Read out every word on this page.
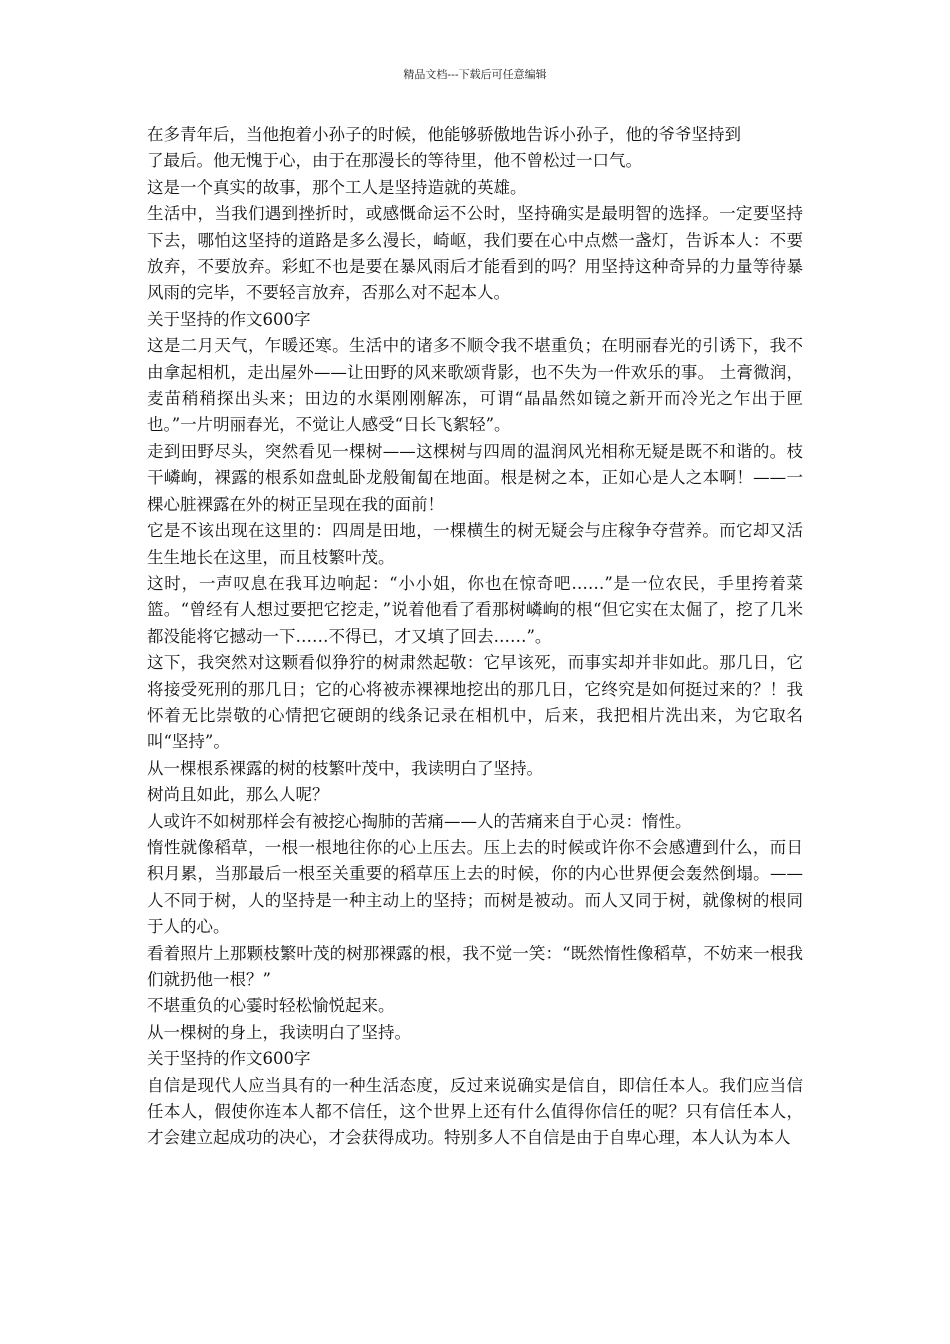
精品文档---下载后可任意编辑

在多青年后，当他抱着小孙子的时候，他能够骄傲地告诉小孙子，他的爷爷坚持到

了最后。他无愧于心，由于在那漫长的等待里，他不曾松过一口气。

这是一个真实的故事，那个工人是坚持造就的英雄。

生活中，当我们遇到挫折时，或感慨命运不公时，坚持确实是最明智的选择。一定要坚持下去，哪怕这坚持的道路是多么漫长，崎岖，我们要在心中点燃一盏灯，告诉本人：不要放弃，不要放弃。彩虹不也是要在暴风雨后才能看到的吗？用坚持这种奇异的力量等待暴风雨的完毕，不要轻言放弃，否那么对不起本人。

关于坚持的作文600字

这是二月天气，乍暖还寒。生活中的诸多不顺令我不堪重负；在明丽春光的引诱下，我不由拿起相机，走出屋外——让田野的风来歌颂背影，也不失为一件欢乐的事。 土膏微润，麦苗稍稍探出头来；田边的水渠刚刚解冻，可谓“晶晶然如镜之新开而冷光之乍出于匣也。”一片明丽春光，不觉让人感受“日长飞絮轻”。

走到田野尽头，突然看见一棵树——这棵树与四周的温润风光相称无疑是既不和谐的。枝干嶙峋，裸露的根系如盘虬卧龙般匍匐在地面。根是树之本，正如心是人之本啊！——一棵心脏裸露在外的树正呈现在我的面前！

它是不该出现在这里的：四周是田地，一棵横生的树无疑会与庄稼争夺营养。而它却又活生生地长在这里，而且枝繁叶茂。

这时，一声叹息在我耳边响起：“小小姐，你也在惊奇吧……”是一位农民，手里挎着菜篮。“曾经有人想过要把它挖走，”说着他看了看那树嶙峋的根“但它实在太倔了，挖了几米都没能将它撼动一下……不得已，才又填了回去……”。

这下，我突然对这颗看似狰狞的树肃然起敬：它早该死，而事实却并非如此。那几日，它将接受死刑的那几日；它的心将被赤裸裸地挖出的那几日，它终究是如何挺过来的？！我怀着无比崇敬的心情把它硬朗的线条记录在相机中，后来，我把相片洗出来，为它取名叫“坚持”。

从一棵根系裸露的树的枝繁叶茂中，我读明白了坚持。

树尚且如此，那么人呢？

人或许不如树那样会有被挖心掏肺的苦痛——人的苦痛来自于心灵：惰性。

惰性就像稻草，一根一根地往你的心上压去。压上去的时候或许你不会感遭到什么，而日积月累，当那最后一根至关重要的稻草压上去的时候，你的内心世界便会轰然倒塌。——人不同于树，人的坚持是一种主动上的坚持；而树是被动。而人又同于树，就像树的根同于人的心。

看着照片上那颗枝繁叶茂的树那裸露的根，我不觉一笑：“既然惰性像稻草，不妨来一根我们就扔他一根？”

不堪重负的心霎时轻松愉悦起来。

从一棵树的身上，我读明白了坚持。

关于坚持的作文600字

自信是现代人应当具有的一种生活态度，反过来说确实是信自，即信任本人。我们应当信任本人，假使你连本人都不信任，这个世界上还有什么值得你信任的呢？只有信任本人，才会建立起成功的决心，才会获得成功。特别多人不自信是由于自卑心理，本人认为本人
